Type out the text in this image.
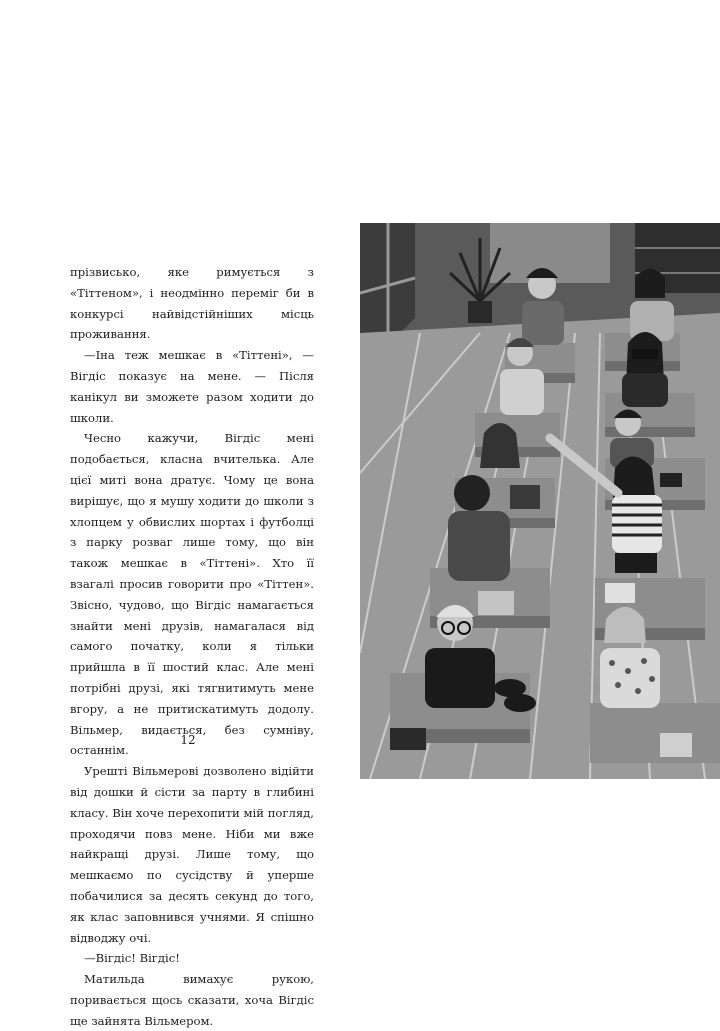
прізвисько, яке римується з «Тіттеном», і неодмінно переміг би в конкурсі найвідстійніших місць проживання.

—Іна теж мешкає в «Тіттені», — Вігдіс показує на мене. — Після канікул ви зможете разом ходити до школи.

Чесно кажучи, Вігдіс мені подобається, класна вчителька. Але цієї миті вона дратує. Чому це вона вирішує, що я мушу ходити до школи з хлопцем у обвислих шортах і футболці з парку розваг лише тому, що він також мешкає в «Тіттені». Хто її взагалі просив говорити про «Тіттен». Звісно, чудово, що Вігдіс намагається знайти мені друзів, намагалася від самого початку, коли я тільки прийшла в її шостий клас. Але мені потрібні друзі, які тягнитимуть мене вгору, а не притискатимуть додолу. Вільмер, видається, без сумніву, останнім.

Урешті Вільмерові дозволено відійти від дошки й сісти за парту в глибині класу. Він хоче перехопити мій погляд, проходячи повз мене. Ніби ми вже найкращі друзі. Лише тому, що мешкаємо по сусідству й уперше побачилися за десять секунд до того, як клас заповнився учнями. Я спішно відводжу очі.

—Вігдіс! Вігдіс!

Матильда вимахує рукою, поривається щось сказати, хоча Вігдіс ще зайнята Вільмером.

12
